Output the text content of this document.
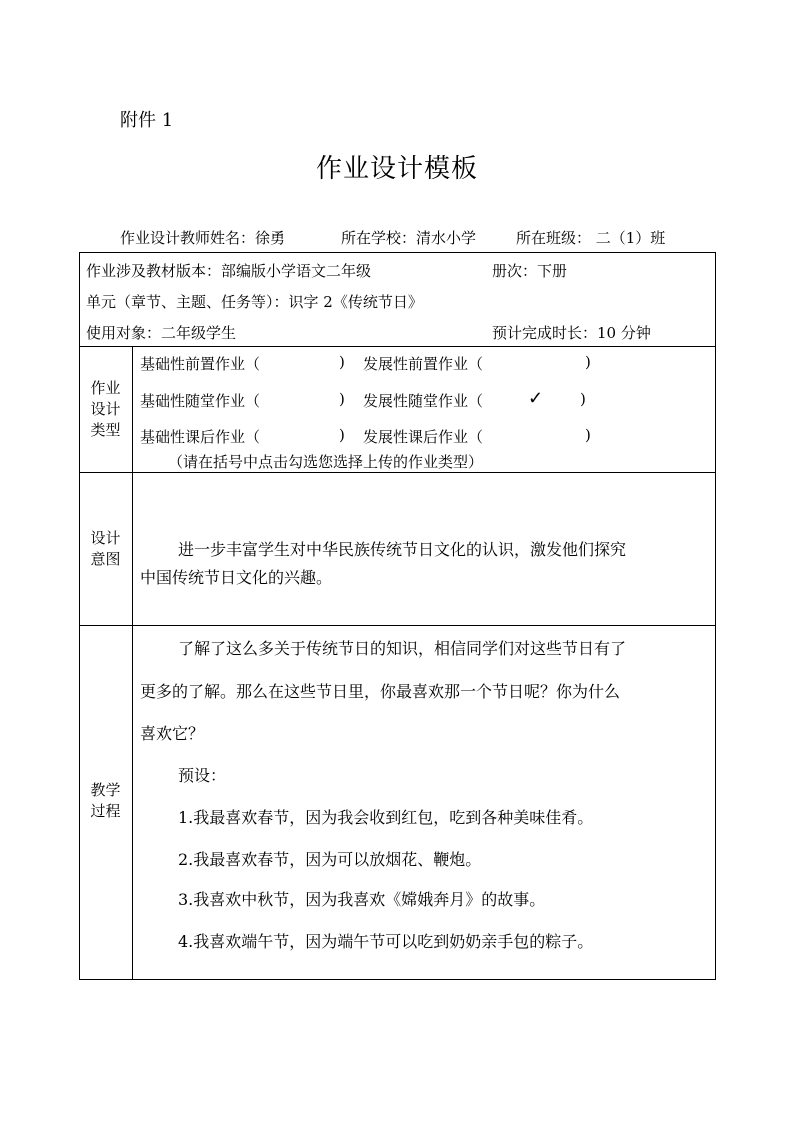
附件 1
作业设计模板
作业设计教师姓名：徐勇	所在学校：清水小学	所在班级： 二（1）班
作业涉及教材版本：部编版小学语文二年级	册次：下册
单元（章节、主题、任务等）：识字 2《传统节日》
使用对象：二年级学生	预计完成时长：10 分钟
作业
设计
类型
基础性前置作业（	) 发展性前置作业（	)
基础性随堂作业（	) 发展性随堂作业（ ✓ )
基础性课后作业（	) 发展性课后作业（	)
（请在括号中点击勾选您选择上传的作业类型）
设计
意图	进一步丰富学生对中华民族传统节日文化的认识，激发他们探究
中国传统节日文化的兴趣。
教学
过程
了解了这么多关于传统节日的知识，相信同学们对这些节日有了
更多的了解。那么在这些节日里，你最喜欢那一个节日呢？你为什么
喜欢它？
预设：
1.我最喜欢春节，因为我会收到红包，吃到各种美味佳肴。
2.我最喜欢春节，因为可以放烟花、鞭炮。
3.我喜欢中秋节，因为我喜欢《嫦娥奔月》的故事。
4.我喜欢端午节，因为端午节可以吃到奶奶亲手包的粽子。
